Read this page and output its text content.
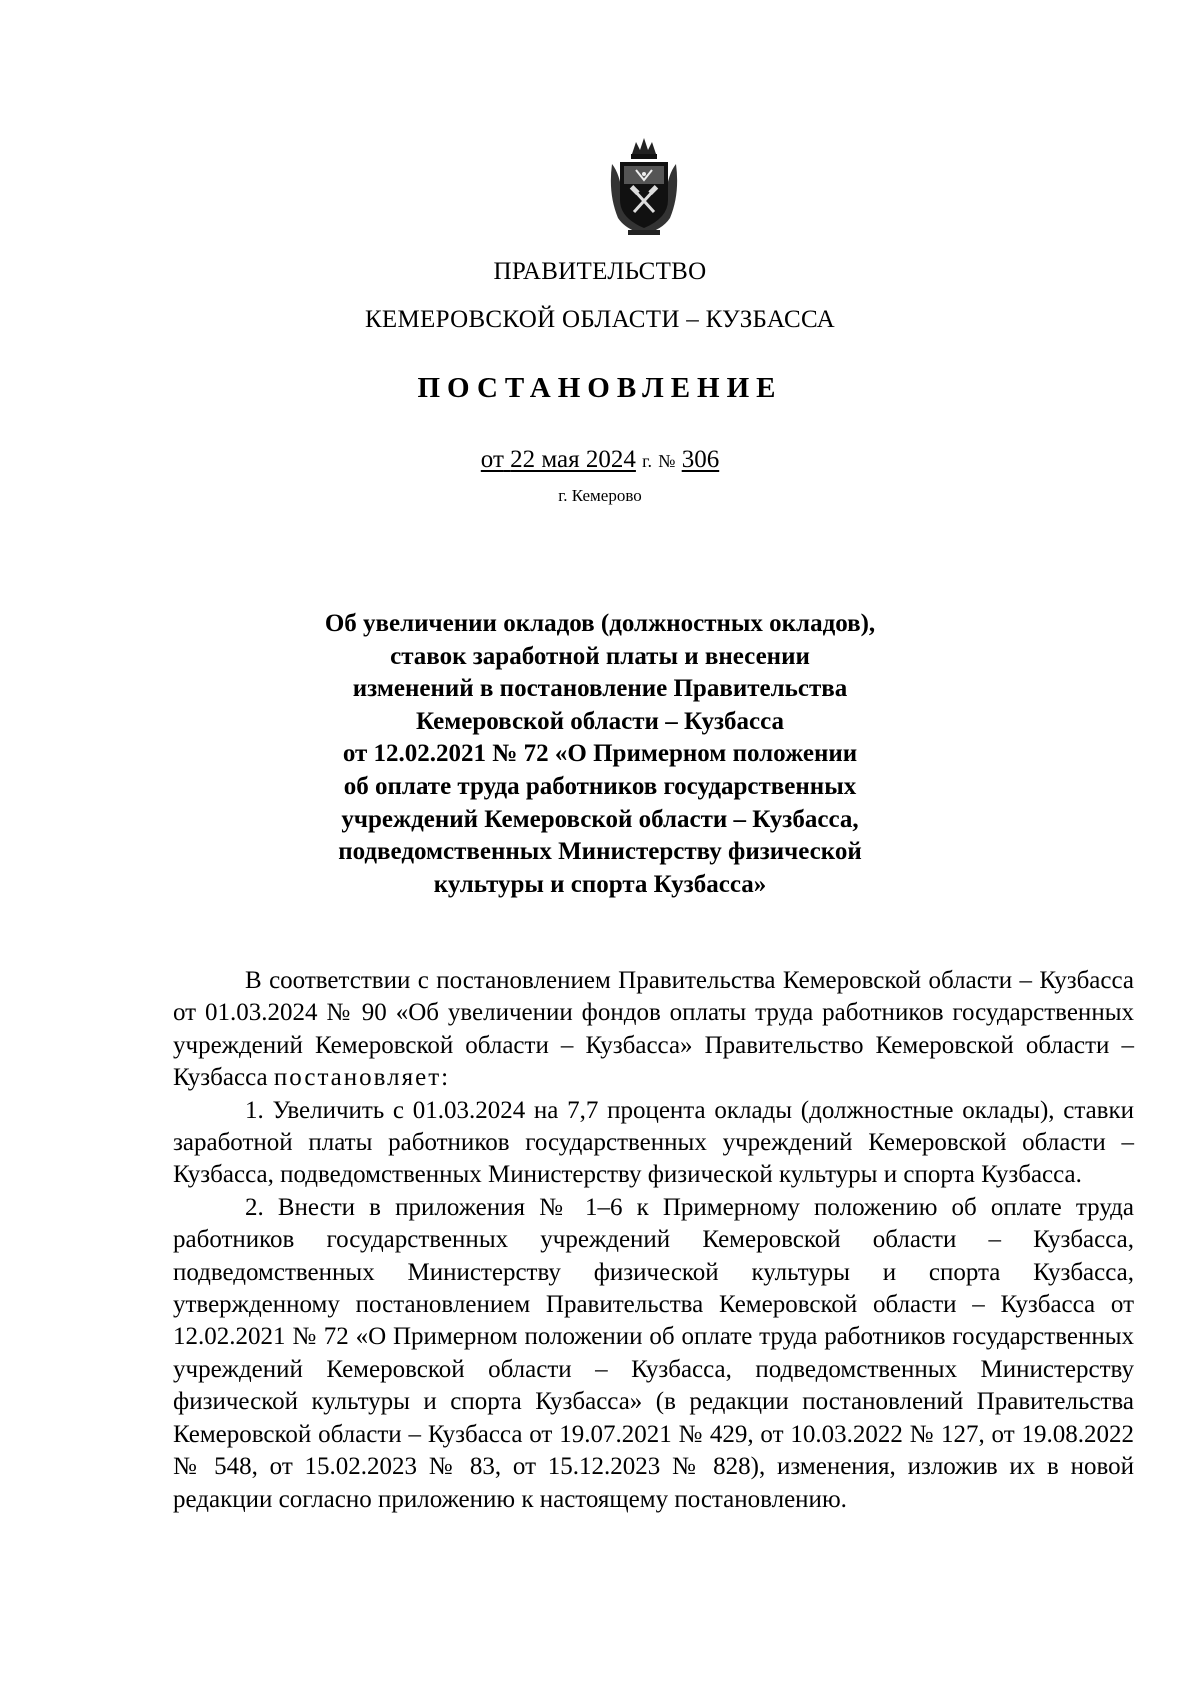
ПРАВИТЕЛЬСТВО
КЕМЕРОВСКОЙ ОБЛАСТИ – КУЗБАССА
ПОСТАНОВЛЕНИЕ
от 22 мая 2024 г. № 306
г. Кемерово
Об увеличении окладов (должностных окладов),
ставок заработной платы и внесении
изменений в постановление Правительства
Кемеровской области – Кузбасса
от 12.02.2021 № 72 «О Примерном положении
об оплате труда работников государственных
учреждений Кемеровской области – Кузбасса,
подведомственных Министерству физической
культуры и спорта Кузбасса»

В соответствии с постановлением Правительства Кемеровской области – Кузбасса от 01.03.2024 № 90 «Об увеличении фондов оплаты труда работников государственных учреждений Кемеровской области – Кузбасса» Правительство Кемеровской области – Кузбасса постановляет:

1. Увеличить с 01.03.2024 на 7,7 процента оклады (должностные оклады), ставки заработной платы работников государственных учреждений Кемеровской области – Кузбасса, подведомственных Министерству физической культуры и спорта Кузбасса.

2. Внести в приложения № 1–6 к Примерному положению об оплате труда работников государственных учреждений Кемеровской области – Кузбасса, подведомственных Министерству физической культуры и спорта Кузбасса, утвержденному постановлением Правительства Кемеровской области – Кузбасса от 12.02.2021 № 72 «О Примерном положении об оплате труда работников государственных учреждений Кемеровской области – Кузбасса, подведомственных Министерству физической культуры и спорта Кузбасса» (в редакции постановлений Правительства Кемеровской области – Кузбасса от 19.07.2021 № 429, от 10.03.2022 № 127, от 19.08.2022 № 548, от 15.02.2023 № 83, от 15.12.2023 № 828), изменения, изложив их в новой редакции согласно приложению к настоящему постановлению.
